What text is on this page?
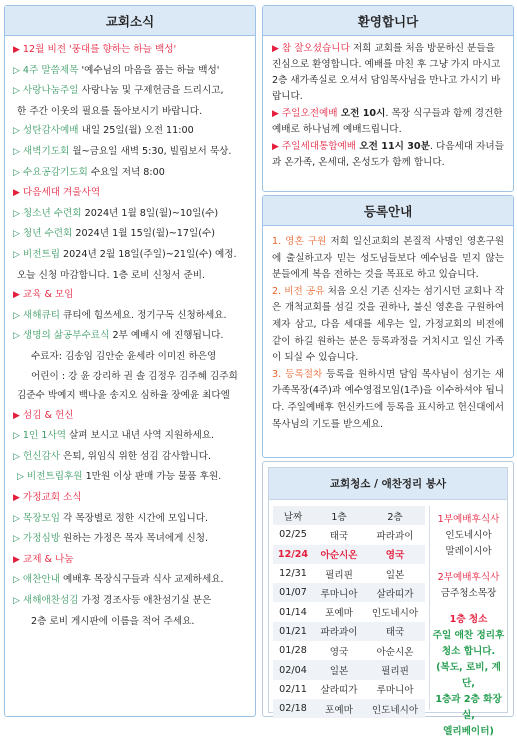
교회소식
▶ 12월 비전 '풍대를 향하는 하늘 백성'
▷ 4주 말씀제목 '예수님의 마음을 품는 하늘 백성'
▷ 사랑나눔주일 사랑나눔 및 구제헌금을 드리시고,
한 주간 이웃의 필요를 돌아보시기 바랍니다.
▷ 성탄감사예배 내일 25일(월) 오전 11:00
▷ 새벽기도회 월~금요일 새벽 5:30, 빌립보서 묵상.
▷ 수요공감기도회 수요일 저녁 8:00
▶ 다음세대 겨울사역
▷ 청소년 수련회 2024년 1월 8일(월)~10일(수)
▷ 청년 수련회 2024년 1월 15일(월)~17일(수)
▷ 비전트립 2024년 2월 18일(주일)~21일(수) 예정.
오늘 신청 마감합니다. 1층 로비 신청서 준비.
▶ 교육 & 모임
▷ 새해큐티 큐티에 힘쓰세요. 정기구독 신청하세요.
▷ 생명의 삶공부수료식 2부 예배시 에 진행됩니다.
수료자: 김송임 김안순 윤세라 이미진 하은영
어린이 : 강 윤 강리하 권 솔 김정우 김주혜 김주희
김준수 박예지 백나윤 송지오 심하율 장예윤 최다엘
▶ 섬김 & 헌신
▷ 1인 1사역 살펴 보시고 내년 사역 지원하세요.
▷ 헌신감사 은퇴, 위임식 위한 섬김 감사합니다.
▷ 비전트립후원 1만원 이상 판매 가능 물품 후원.
▶ 가정교회 소식
▷ 목장모임 각 목장별로 정한 시간에 모입니다.
▷ 가정심방 원하는 가정은 목자 목녀에게 신청.
▶ 교제 & 나눔
▷ 애찬안내 예배후 목장식구들과 식사 교제하세요.
▷ 새해애찬섬김 가정 경조사등 애찬섬기실 분은
2층 로비 게시판에 이름을 적어 주세요.
환영합니다
▶ 참 잘오셨습니다 저희 교회를 처음 방문하신 분들을 진심으로 환영합니다. 예배를 마친 후 그냥 가지 마시고 2층 새가족실로 오셔서 담임목사님을 만나고 가시기 바랍니다.
▶ 주일오전예배 오전 10시. 목장 식구들과 함께 경건한 예배로 하나님께 예배드립니다.
▶ 주일세대통합예배 오전 11시 30분. 다음세대 자녀들과 온가족, 온세대, 온성도가 함께 합니다.
등록안내
1. 영혼 구원 저희 일신교회의 본질적 사명인 영혼구원에 출실하고자 믿는 성도님들보다 예수님을 믿지 않는 분들에게 복음 전하는 것을 목표로 하고 있습니다.
2. 비전 공유 처음 오신 기존 신자는 섬기시던 교회나 작은 개척교회를 섬길 것을 권하나, 불신 영혼을 구원하여 제자 삼고, 다음 세대를 세우는 일, 가정교회의 비전에 같이 하길 원하는 분은 등록과정을 거치시고 일신 가족이 되실 수 있습니다.
3. 등록절차 등록을 원하시면 담임 목사님이 섬기는 새가족목장(4주)과 예수영접모임(1주)을 이수하셔야 됩니다. 주일예배후 헌신카드에 등록을 표시하고 헌신대에서 목사님의 기도를 받으세요.
교회청소 / 애찬정리 봉사
날짜	1층	2층
02/25	태국	파라과이
12/24	아순시온	영국
12/31	필리핀	일본
01/07	루마니아	살라띠가
01/14	포예마	인도네시아
01/21	파라과이	태국
01/28	영국	아순시온
02/04	일본	필리핀
02/11	살라띠가	루마니아
02/18	포예마	인도네시아
1부예배후식사
인도네시아
말레이시아
2부예배후식사
금주청소목장
1층 청소
주일 애찬 정리후
청소 합니다.
(복도, 로비, 계단,
1층과 2층 화장실,
엘리베이터)
